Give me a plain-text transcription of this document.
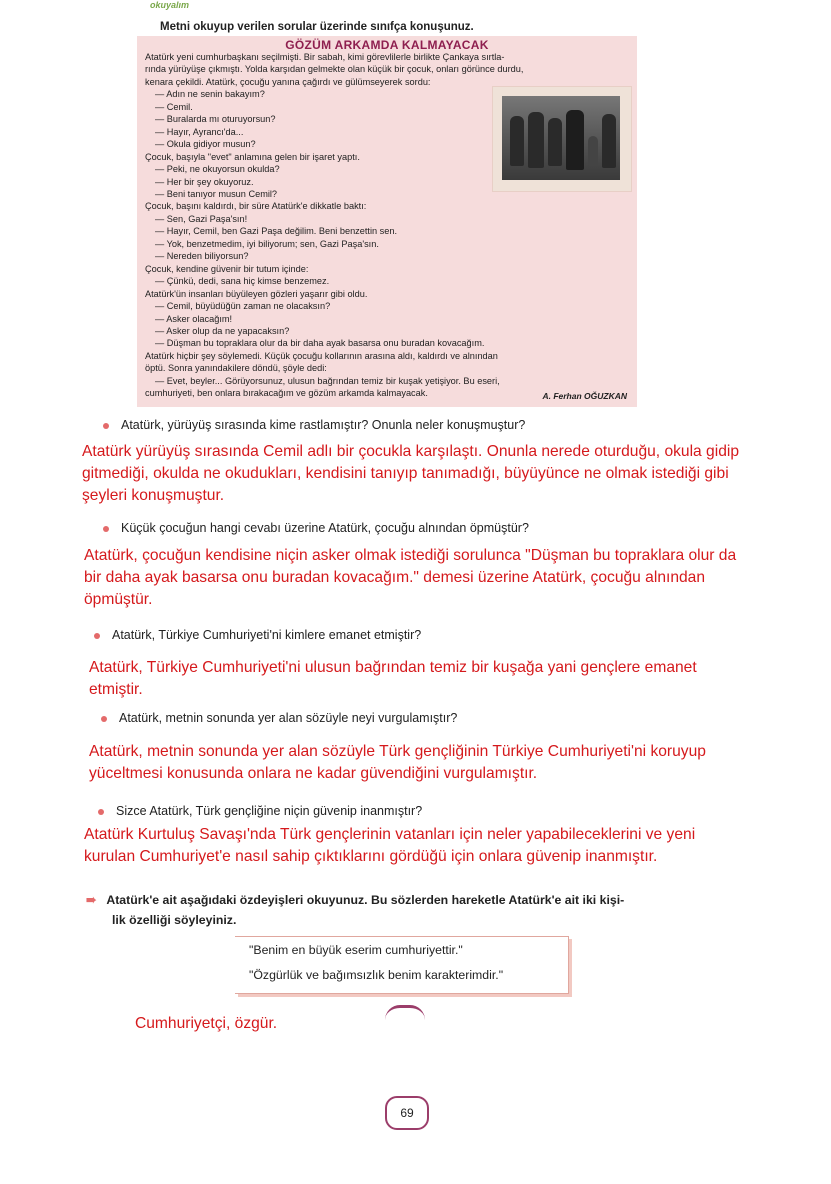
okuyalım
Metni okuyup verilen sorular üzerinde sınıfça konuşunuz.
GÖZÜM ARKAMDA KALMAYACAK
Atatürk yeni cumhurbaşkanı seçilmişti. Bir sabah, kimi görevlilerle birlikte Çankaya sırtla-
rında yürüyüşe çıkmıştı. Yolda karşıdan gelmekte olan küçük bir çocuk, onları görünce durdu,
kenara çekildi. Atatürk, çocuğu yanına çağırdı ve gülümseyerek sordu:
— Adın ne senin bakayım?
— Cemil.
— Buralarda mı oturuyorsun?
— Hayır, Ayrancı'da...
— Okula gidiyor musun?
Çocuk, başıyla "evet" anlamına gelen bir işaret yaptı.
— Peki, ne okuyorsun okulda?
— Her bir şey okuyoruz.
— Beni tanıyor musun Cemil?
Çocuk, başını kaldırdı, bir süre Atatürk'e dikkatle baktı:
— Sen, Gazi Paşa'sın!
— Hayır, Cemil, ben Gazi Paşa değilim. Beni benzettin sen.
— Yok, benzetmedim, iyi biliyorum; sen, Gazi Paşa'sın.
— Nereden biliyorsun?
Çocuk, kendine güvenir bir tutum içinde:
— Çünkü, dedi, sana hiç kimse benzemez.
Atatürk'ün insanları büyüleyen gözleri yaşarır gibi oldu.
— Cemil, büyüdüğün zaman ne olacaksın?
— Asker olacağım!
— Asker olup da ne yapacaksın?
— Düşman bu topraklara olur da bir daha ayak basarsa onu buradan kovacağım.
Atatürk hiçbir şey söylemedi. Küçük çocuğu kollarının arasına aldı, kaldırdı ve alnından
öptü. Sonra yanındakilere döndü, şöyle dedi:
— Evet, beyler... Görüyorsunuz, ulusun bağrından temiz bir kuşak yetişiyor. Bu eseri,
cumhuriyeti, ben onlara bırakacağım ve gözüm arkamda kalmayacak.	A. Ferhan OĞUZKAN
Atatürk, yürüyüş sırasında kime rastlamıştır? Onunla neler konuşmuştur?
Atatürk yürüyüş sırasında Cemil adlı bir çocukla karşılaştı. Onunla nerede oturduğu, okula gidip
gitmediği, okulda ne okudukları, kendisini tanıyıp tanımadığı, büyüyünce ne olmak istediği gibi
şeyleri konuşmuştur.
Küçük çocuğun hangi cevabı üzerine Atatürk, çocuğu alnından öpmüştür?
Atatürk, çocuğun kendisine niçin asker olmak istediği sorulunca "Düşman bu topraklara olur da
bir daha ayak basarsa onu buradan kovacağım." demesi üzerine Atatürk, çocuğu alnından
öpmüştür.
Atatürk, Türkiye Cumhuriyeti'ni kimlere emanet etmiştir?
Atatürk, Türkiye Cumhuriyeti'ni ulusun bağrından temiz bir kuşağa yani gençlere emanet
etmiştir.
Atatürk, metnin sonunda yer alan sözüyle neyi vurgulamıştır?
Atatürk, metnin sonunda yer alan sözüyle Türk gençliğinin Türkiye Cumhuriyeti'ni koruyup
yüceltmesi konusunda onlara ne kadar güvendiğini vurgulamıştır.
Sizce Atatürk, Türk gençliğine niçin güvenip inanmıştır?
Atatürk Kurtuluş Savaşı'nda Türk gençlerinin vatanları için neler yapabileceklerini ve yeni
kurulan Cumhuriyet'e nasıl sahip çıktıklarını gördüğü için onlara güvenip inanmıştır.
➠ Atatürk'e ait aşağıdaki özdeyişleri okuyunuz. Bu sözlerden hareketle Atatürk'e ait iki kişi-
lik özelliği söyleyiniz.
"Benim en büyük eserim cumhuriyettir."
"Özgürlük ve bağımsızlık benim karakterimdir."
Cumhuriyetçi, özgür.
69
